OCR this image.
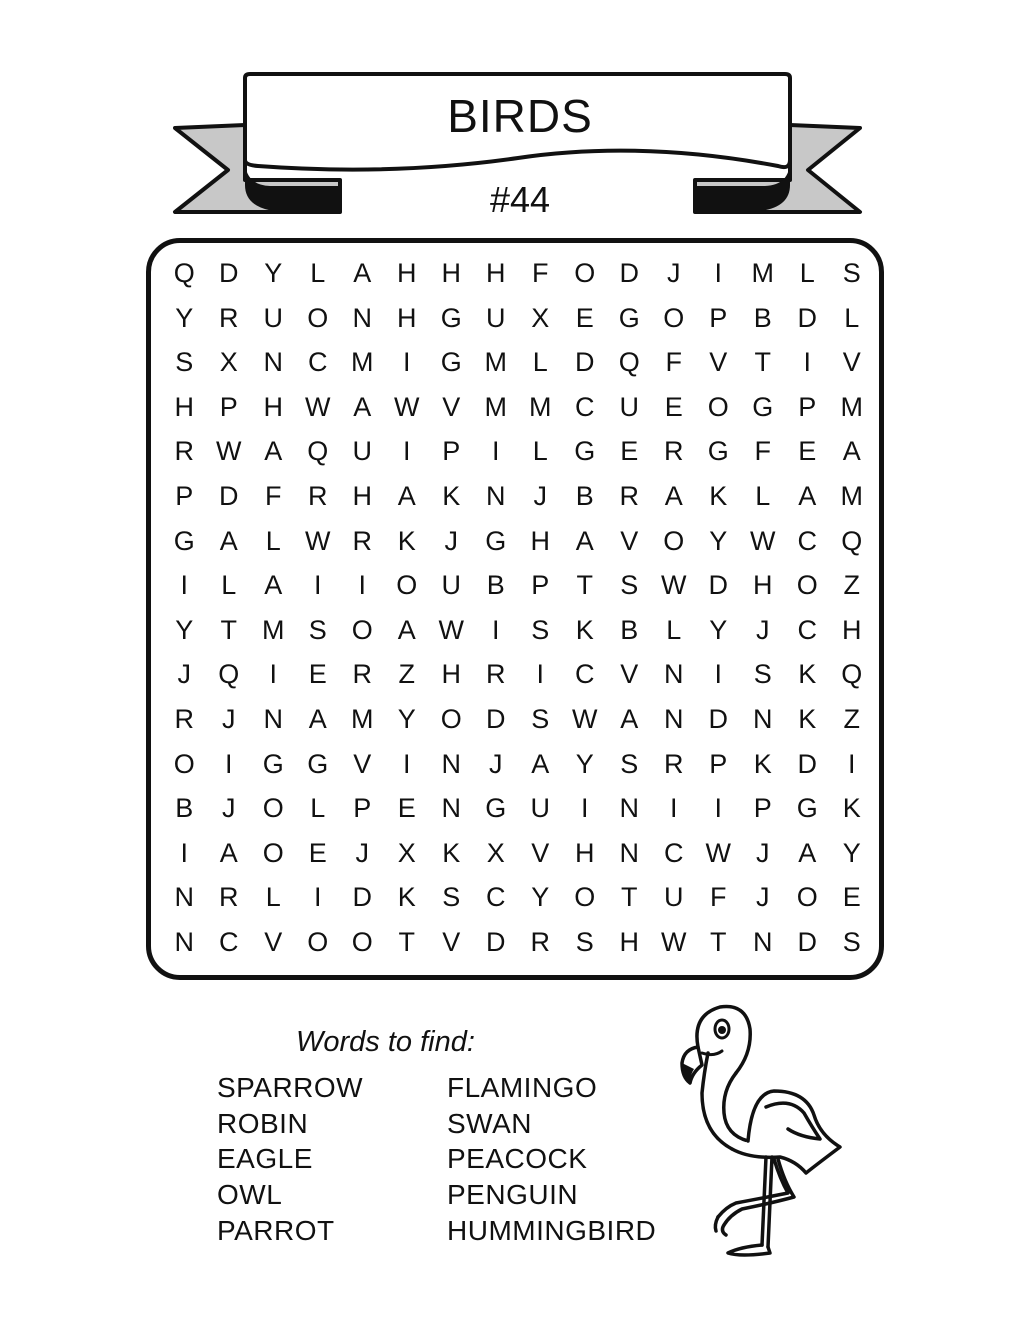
BIRDS
#44
Q D Y	L	A H H H F O D	J	I	M L	S
Y R U O N H G U X E G O P B D	L
S X N C M	I	G M L	D Q F	V	T	I	V
H P H W A W V M M C U E O G P M
R W A Q U	I	P	I	L G E R G F	E A
P D F R H A K N	J	B R A K	L	A M
G A	L W R K	J	G H A V O Y W C Q
I	L	A	I	I	O U B P	T	S W D H O Z
Y	T M S O A W	I	S K B	L	Y	J	C H
J	Q	I	E R Z H R	I	C V N	I	S K Q
R	J	N A M Y O D S W A N D N K	Z
O	I	G G V	I	N	J	A Y S R P K D	I
B	J	O L	P E N G U	I	N	I	I	P G K
I	A O E	J	X K X V H N C W J	A Y
N R	L	I	D K S C Y O T U F	J	O E
N C V O O T	V D R S H W T N D S
Words to find:
SPARROW
ROBIN
EAGLE
OWL
PARROT
FLAMINGO
SWAN
PEACOCK
PENGUIN
HUMMINGBIRD
